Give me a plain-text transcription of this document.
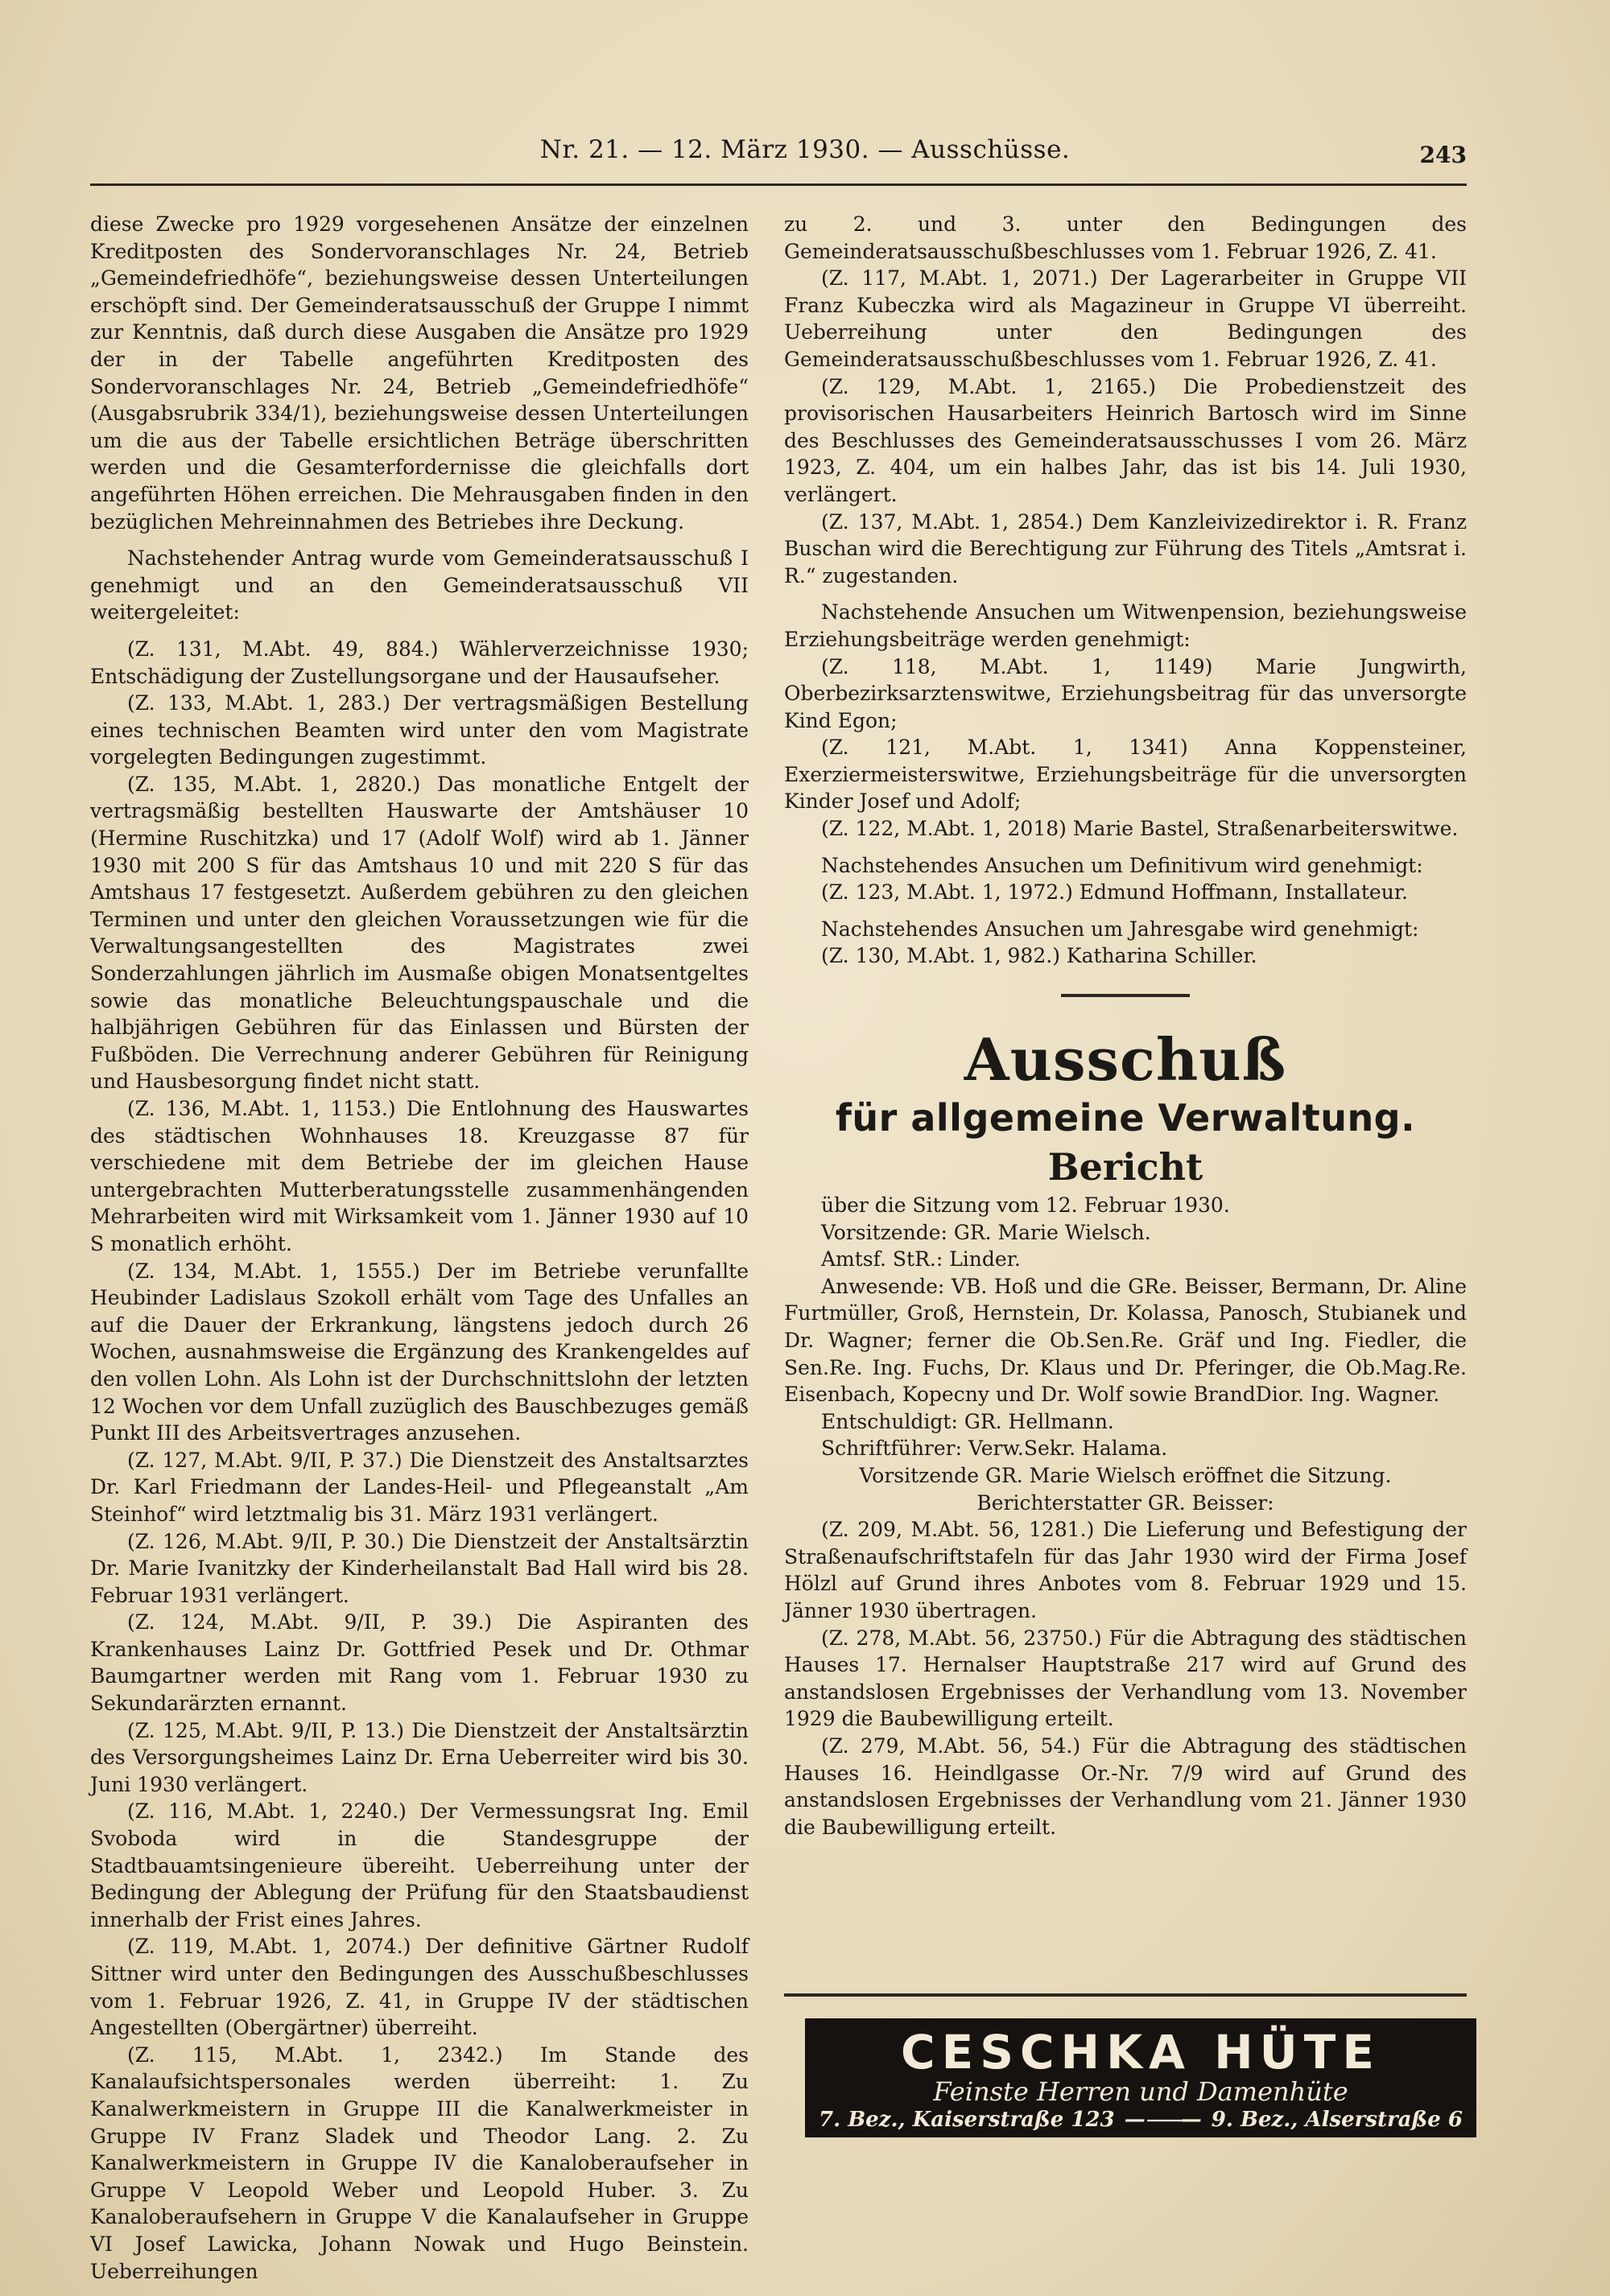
Nr. 21. — 12. März 1930. — Ausschüsse.	243

diese Zwecke pro 1929 vorgesehenen Ansätze der einzelnen Kreditposten des Sondervoranschlages Nr. 24, Betrieb „Gemeindefriedhöfe“, beziehungsweise dessen Unterteilungen erschöpft sind. Der Gemeinderatsausschuß der Gruppe I nimmt zur Kenntnis, daß durch diese Ausgaben die Ansätze pro 1929 der in der Tabelle angeführten Kreditposten des Sondervoranschlages Nr. 24, Betrieb „Gemeindefriedhöfe“ (Ausgabsrubrik 334/1), beziehungsweise dessen Unterteilungen um die aus der Tabelle ersichtlichen Beträge überschritten werden und die Gesamterfordernisse die gleichfalls dort angeführten Höhen erreichen. Die Mehrausgaben finden in den bezüglichen Mehreinnahmen des Betriebes ihre Deckung.

Nachstehender Antrag wurde vom Gemeinderatsausschuß I genehmigt und an den Gemeinderatsausschuß VII weitergeleitet:

(Z. 131, M.Abt. 49, 884.) Wählerverzeichnisse 1930; Entschädigung der Zustellungsorgane und der Hausaufseher.

(Z. 133, M.Abt. 1, 283.) Der vertragsmäßigen Bestellung eines technischen Beamten wird unter den vom Magistrate vorgelegten Bedingungen zugestimmt.

(Z. 135, M.Abt. 1, 2820.) Das monatliche Entgelt der vertragsmäßig bestellten Hauswarte der Amtshäuser 10 (Hermine Ruschitzka) und 17 (Adolf Wolf) wird ab 1. Jänner 1930 mit 200 S für das Amtshaus 10 und mit 220 S für das Amtshaus 17 festgesetzt. Außerdem gebühren zu den gleichen Terminen und unter den gleichen Voraussetzungen wie für die Verwaltungsangestellten des Magistrates zwei Sonderzahlungen jährlich im Ausmaße obigen Monatsentgeltes sowie das monatliche Beleuchtungspauschale und die halbjährigen Gebühren für das Einlassen und Bürsten der Fußböden. Die Verrechnung anderer Gebühren für Reinigung und Hausbesorgung findet nicht statt.

(Z. 136, M.Abt. 1, 1153.) Die Entlohnung des Hauswartes des städtischen Wohnhauses 18. Kreuzgasse 87 für verschiedene mit dem Betriebe der im gleichen Hause untergebrachten Mutterberatungsstelle zusammenhängenden Mehrarbeiten wird mit Wirksamkeit vom 1. Jänner 1930 auf 10 S monatlich erhöht.

(Z. 134, M.Abt. 1, 1555.) Der im Betriebe verunfallte Heubinder Ladislaus Szokoll erhält vom Tage des Unfalles an auf die Dauer der Erkrankung, längstens jedoch durch 26 Wochen, ausnahmsweise die Ergänzung des Krankengeldes auf den vollen Lohn. Als Lohn ist der Durchschnittslohn der letzten 12 Wochen vor dem Unfall zuzüglich des Bauschbezuges gemäß Punkt III des Arbeitsvertrages anzusehen.

(Z. 127, M.Abt. 9/II, P. 37.) Die Dienstzeit des Anstaltsarztes Dr. Karl Friedmann der Landes-Heil- und Pflegeanstalt „Am Steinhof“ wird letztmalig bis 31. März 1931 verlängert.

(Z. 126, M.Abt. 9/II, P. 30.) Die Dienstzeit der Anstaltsärztin Dr. Marie Ivanitzky der Kinderheilanstalt Bad Hall wird bis 28. Februar 1931 verlängert.

(Z. 124, M.Abt. 9/II, P. 39.) Die Aspiranten des Krankenhauses Lainz Dr. Gottfried Pesek und Dr. Othmar Baumgartner werden mit Rang vom 1. Februar 1930 zu Sekundarärzten ernannt.

(Z. 125, M.Abt. 9/II, P. 13.) Die Dienstzeit der Anstaltsärztin des Versorgungsheimes Lainz Dr. Erna Ueberreiter wird bis 30. Juni 1930 verlängert.

(Z. 116, M.Abt. 1, 2240.) Der Vermessungsrat Ing. Emil Svoboda wird in die Standesgruppe der Stadtbauamtsingenieure übereiht. Ueberreihung unter der Bedingung der Ablegung der Prüfung für den Staatsbaudienst innerhalb der Frist eines Jahres.

(Z. 119, M.Abt. 1, 2074.) Der definitive Gärtner Rudolf Sittner wird unter den Bedingungen des Ausschußbeschlusses vom 1. Februar 1926, Z. 41, in Gruppe IV der städtischen Angestellten (Obergärtner) überreiht.

(Z. 115, M.Abt. 1, 2342.) Im Stande des Kanalaufsichtspersonales werden überreiht: 1. Zu Kanalwerkmeistern in Gruppe III die Kanalwerkmeister in Gruppe IV Franz Sladek und Theodor Lang. 2. Zu Kanalwerkmeistern in Gruppe IV die Kanaloberaufseher in Gruppe V Leopold Weber und Leopold Huber. 3. Zu Kanaloberaufsehern in Gruppe V die Kanalaufseher in Gruppe VI Josef Lawicka, Johann Nowak und Hugo Beinstein. Ueberreihungen

zu 2. und 3. unter den Bedingungen des Gemeinderatsausschußbeschlusses vom 1. Februar 1926, Z. 41.

(Z. 117, M.Abt. 1, 2071.) Der Lagerarbeiter in Gruppe VII Franz Kubeczka wird als Magazineur in Gruppe VI überreiht. Ueberreihung unter den Bedingungen des Gemeinderatsausschußbeschlusses vom 1. Februar 1926, Z. 41.

(Z. 129, M.Abt. 1, 2165.) Die Probedienstzeit des provisorischen Hausarbeiters Heinrich Bartosch wird im Sinne des Beschlusses des Gemeinderatsausschusses I vom 26. März 1923, Z. 404, um ein halbes Jahr, das ist bis 14. Juli 1930, verlängert.

(Z. 137, M.Abt. 1, 2854.) Dem Kanzleivizedirektor i. R. Franz Buschan wird die Berechtigung zur Führung des Titels „Amtsrat i. R.“ zugestanden.

Nachstehende Ansuchen um Witwenpension, beziehungsweise Erziehungsbeiträge werden genehmigt:

(Z. 118, M.Abt. 1, 1149) Marie Jungwirth, Oberbezirksarztenswitwe, Erziehungsbeitrag für das unversorgte Kind Egon;

(Z. 121, M.Abt. 1, 1341) Anna Koppensteiner, Exerziermeisterswitwe, Erziehungsbeiträge für die unversorgten Kinder Josef und Adolf;

(Z. 122, M.Abt. 1, 2018) Marie Bastel, Straßenarbeiterswitwe.

Nachstehendes Ansuchen um Definitivum wird genehmigt:

(Z. 123, M.Abt. 1, 1972.) Edmund Hoffmann, Installateur.

Nachstehendes Ansuchen um Jahresgabe wird genehmigt:

(Z. 130, M.Abt. 1, 982.) Katharina Schiller.

Ausschuß
für allgemeine Verwaltung.
Bericht

über die Sitzung vom 12. Februar 1930.

Vorsitzende: GR. Marie Wielsch.

Amtsf. StR.: Linder.

Anwesende: VB. Hoß und die GRe. Beisser, Bermann, Dr. Aline Furtmüller, Groß, Hernstein, Dr. Kolassa, Panosch, Stubianek und Dr. Wagner; ferner die Ob.Sen.Re. Gräf und Ing. Fiedler, die Sen.Re. Ing. Fuchs, Dr. Klaus und Dr. Pferinger, die Ob.Mag.Re. Eisenbach, Kopecny und Dr. Wolf sowie BrandDior. Ing. Wagner.

Entschuldigt: GR. Hellmann.

Schriftführer: Verw.Sekr. Halama.

Vorsitzende GR. Marie Wielsch eröffnet die Sitzung.

Berichterstatter GR. Beisser:

(Z. 209, M.Abt. 56, 1281.) Die Lieferung und Befestigung der Straßenaufschriftstafeln für das Jahr 1930 wird der Firma Josef Hölzl auf Grund ihres Anbotes vom 8. Februar 1929 und 15. Jänner 1930 übertragen.

(Z. 278, M.Abt. 56, 23750.) Für die Abtragung des städtischen Hauses 17. Hernalser Hauptstraße 217 wird auf Grund des anstandslosen Ergebnisses der Verhandlung vom 13. November 1929 die Baubewilligung erteilt.

(Z. 279, M.Abt. 56, 54.) Für die Abtragung des städtischen Hauses 16. Heindlgasse Or.-Nr. 7/9 wird auf Grund des anstandslosen Ergebnisses der Verhandlung vom 21. Jänner 1930 die Baubewilligung erteilt.

CESCHKA HÜTE
Feinste Herren und Damenhüte
7. Bez., Kaiserstraße 123 —⸺— 9. Bez., Alserstraße 6
